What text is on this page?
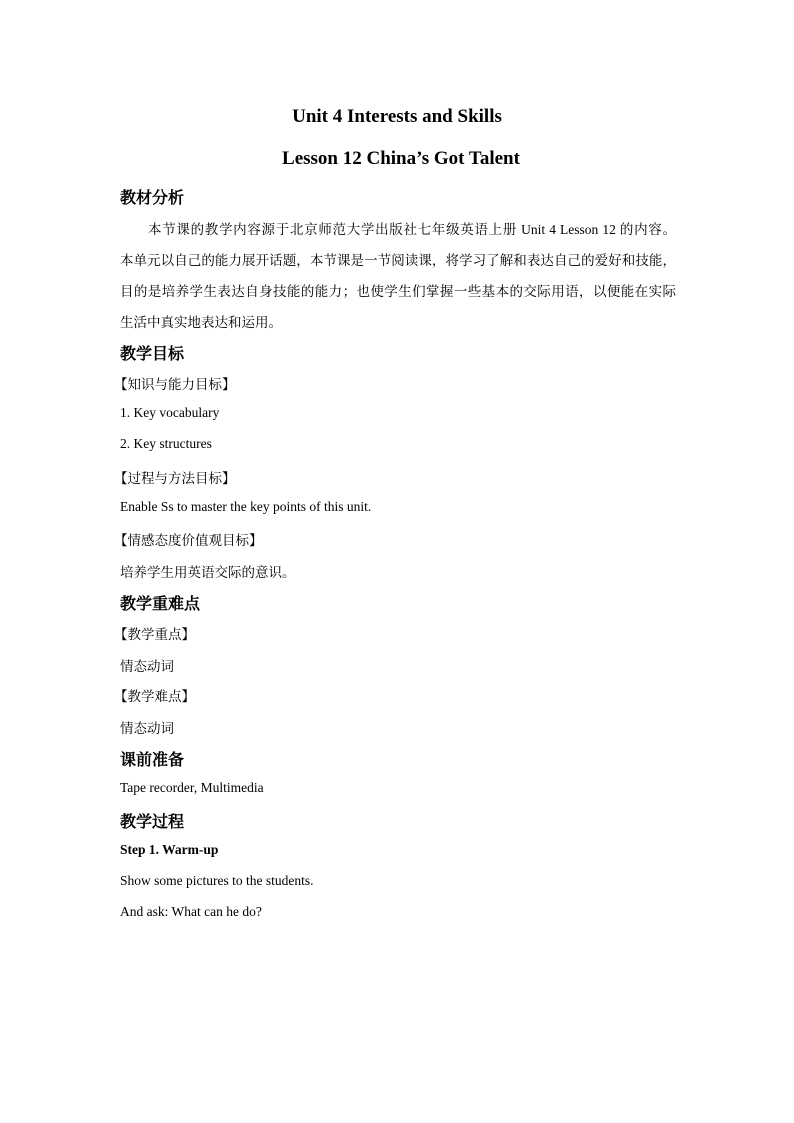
Unit 4 Interests and Skills
Lesson 12 China’s Got Talent
教材分析
本节课的教学内容源于北京师范大学出版社七年级英语上册 Unit 4 Lesson 12 的内容。
本单元以自己的能力展开话题，本节课是一节阅读课，将学习了解和表达自己的爱好和技能，
目的是培养学生表达自身技能的能力；也使学生们掌握一些基本的交际用语，以便能在实际
生活中真实地表达和运用。
教学目标
【知识与能力目标】
1. Key vocabulary
2. Key structures
【过程与方法目标】
Enable Ss to master the key points of this unit.
【情感态度价值观目标】
培养学生用英语交际的意识。
教学重难点
【教学重点】
情态动词
【教学难点】
情态动词
课前准备
Tape recorder, Multimedia
教学过程
Step 1. Warm-up
Show some pictures to the students.
And ask: What can he do?
